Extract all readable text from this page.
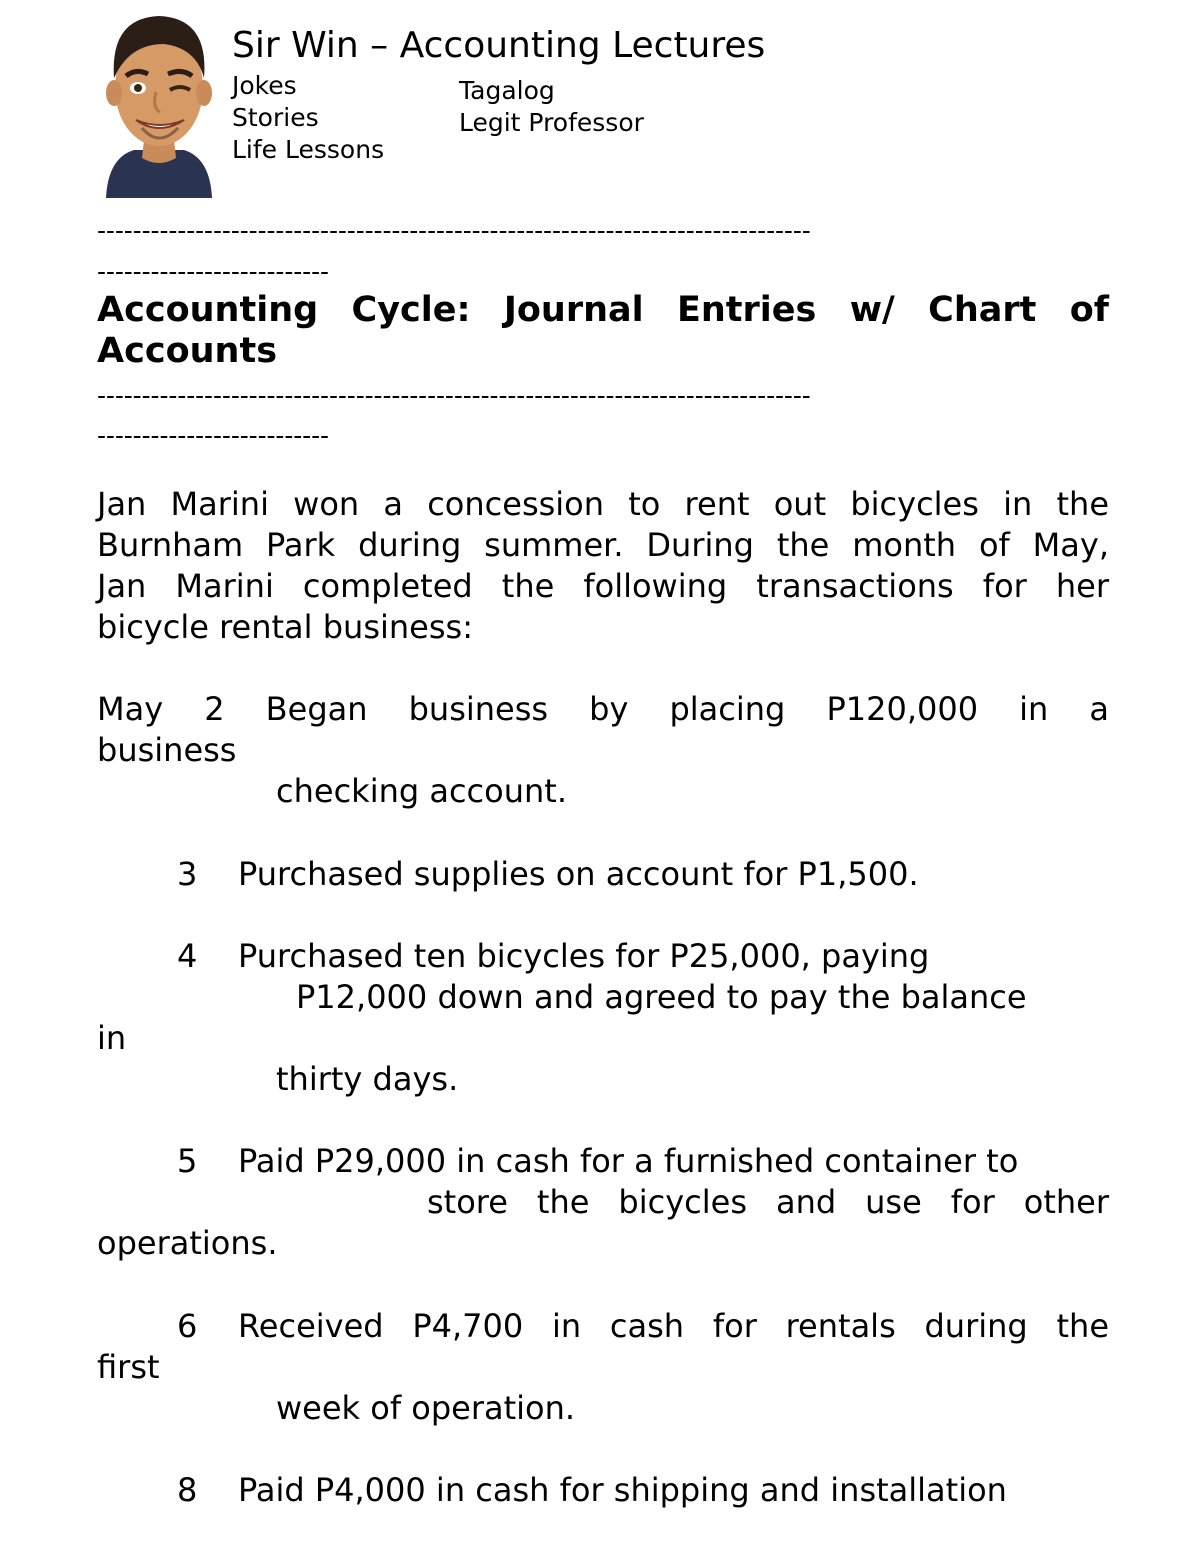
Sir Win – Accounting Lectures
Jokes
Stories
Life Lessons
Tagalog
Legit Professor
--------------------------------------------------------------------------------
--------------------------
Accounting Cycle: Journal Entries w/ Chart of
Accounts
--------------------------------------------------------------------------------
--------------------------
Jan Marini won a concession to rent out bicycles in the
Burnham Park during summer. During the month of May,
Jan Marini completed the following transactions for her
bicycle rental business:
May 2 Began business by placing P120,000 in a
business
checking account.
3 Purchased supplies on account for P1,500.
4 Purchased ten bicycles for P25,000, paying
P12,000 down and agreed to pay the balance
in
thirty days.
5 Paid P29,000 in cash for a furnished container to
store the bicycles and use for other
operations.
6 Received P4,700 in cash for rentals during the
first
week of operation.
8 Paid P4,000 in cash for shipping and installation
